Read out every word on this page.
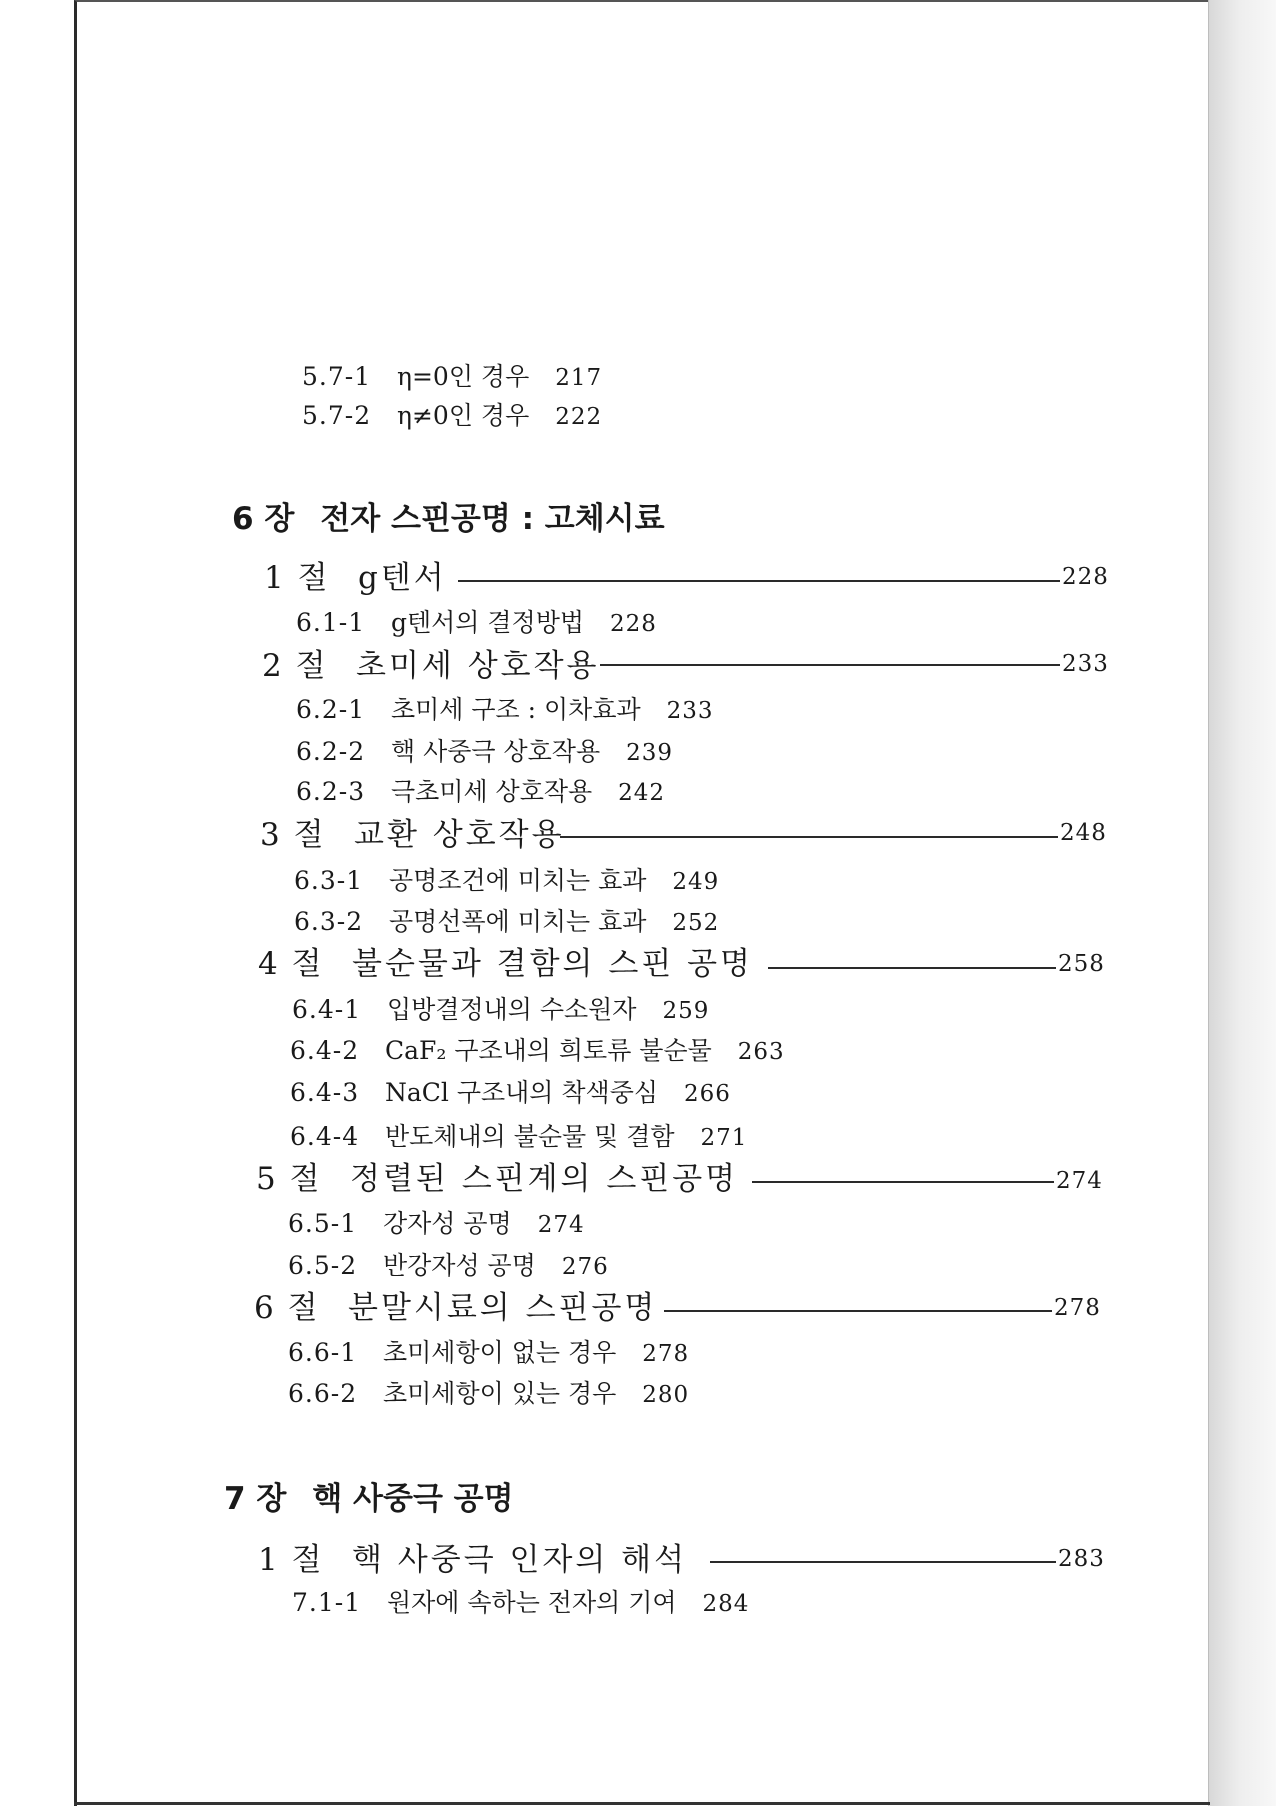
5.7-1 η=0인 경우 217
5.7-2 η≠0인 경우 222
6 장 전자 스핀공명 : 고체시료
1 절 g텐서	228
6.1-1 g텐서의 결정방법 228
2 절 초미세 상호작용	233
6.2-1 초미세 구조 : 이차효과 233
6.2-2 핵 사중극 상호작용 239
6.2-3 극초미세 상호작용 242
3 절 교환 상호작용	248
6.3-1 공명조건에 미치는 효과 249
6.3-2 공명선폭에 미치는 효과 252
4 절 불순물과 결함의 스핀 공명	258
6.4-1 입방결정내의 수소원자 259
6.4-2 CaF₂ 구조내의 희토류 불순물 263
6.4-3 NaCl 구조내의 착색중심 266
6.4-4 반도체내의 불순물 및 결함 271
5 절 정렬된 스핀계의 스핀공명	274
6.5-1 강자성 공명 274
6.5-2 반강자성 공명 276
6 절 분말시료의 스핀공명	278
6.6-1 초미세항이 없는 경우 278
6.6-2 초미세항이 있는 경우 280
7 장 핵 사중극 공명
1 절 핵 사중극 인자의 해석	283
7.1-1 원자에 속하는 전자의 기여 284
